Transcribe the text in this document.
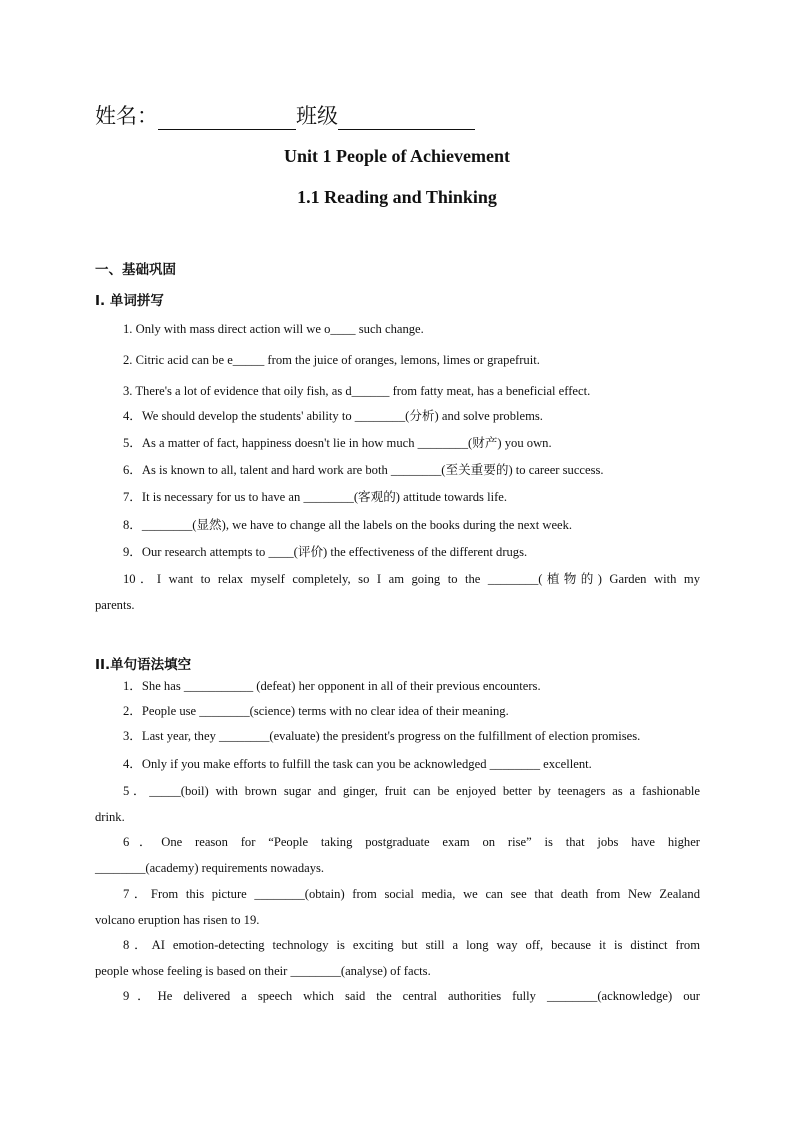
姓名：	班级
Unit 1 People of Achievement
1.1 Reading and Thinking
一、基础巩固
I. 单词拼写
1. Only with mass direct action will we o____ such change.
2. Citric acid can be e_____ from the juice of oranges, lemons, limes or grapefruit.
3. There's a lot of evidence that oily fish, as d______ from fatty meat, has a beneficial effect.
4．We should develop the students' ability to ________(分析) and solve problems.
5．As a matter of fact, happiness doesn't lie in how much ________(财产) you own.
6．As is known to all, talent and hard work are both ________(至关重要的) to career success.
7．It is necessary for us to have an ________(客观的) attitude towards life.
8．________(显然), we have to change all the labels on the books during the next week.
9．Our research attempts to ____(评价) the effectiveness of the different drugs.
10．I want to relax myself completely, so I am going to the ________(植物的) Garden with my
parents.
II.单句语法填空
1．She has ___________ (defeat) her opponent in all of their previous encounters.
2．People use ________(science) terms with no clear idea of their meaning.
3．Last year, they ________(evaluate) the president's progress on the fulfillment of election promises.
4．Only if you make efforts to fulfill the task can you be acknowledged ________ excellent.
5．_____(boil) with brown sugar and ginger, fruit can be enjoyed better by teenagers as a fashionable
drink.
6．One reason for “People taking postgraduate exam on rise” is that jobs have higher
________(academy) requirements nowadays.
7．From this picture ________(obtain) from social media, we can see that death from New Zealand
volcano eruption has risen to 19.
8．AI emotion-detecting technology is exciting but still a long way off, because it is distinct from
people whose feeling is based on their ________(analyse) of facts.
9．He delivered a speech which said the central authorities fully ________(acknowledge) our
